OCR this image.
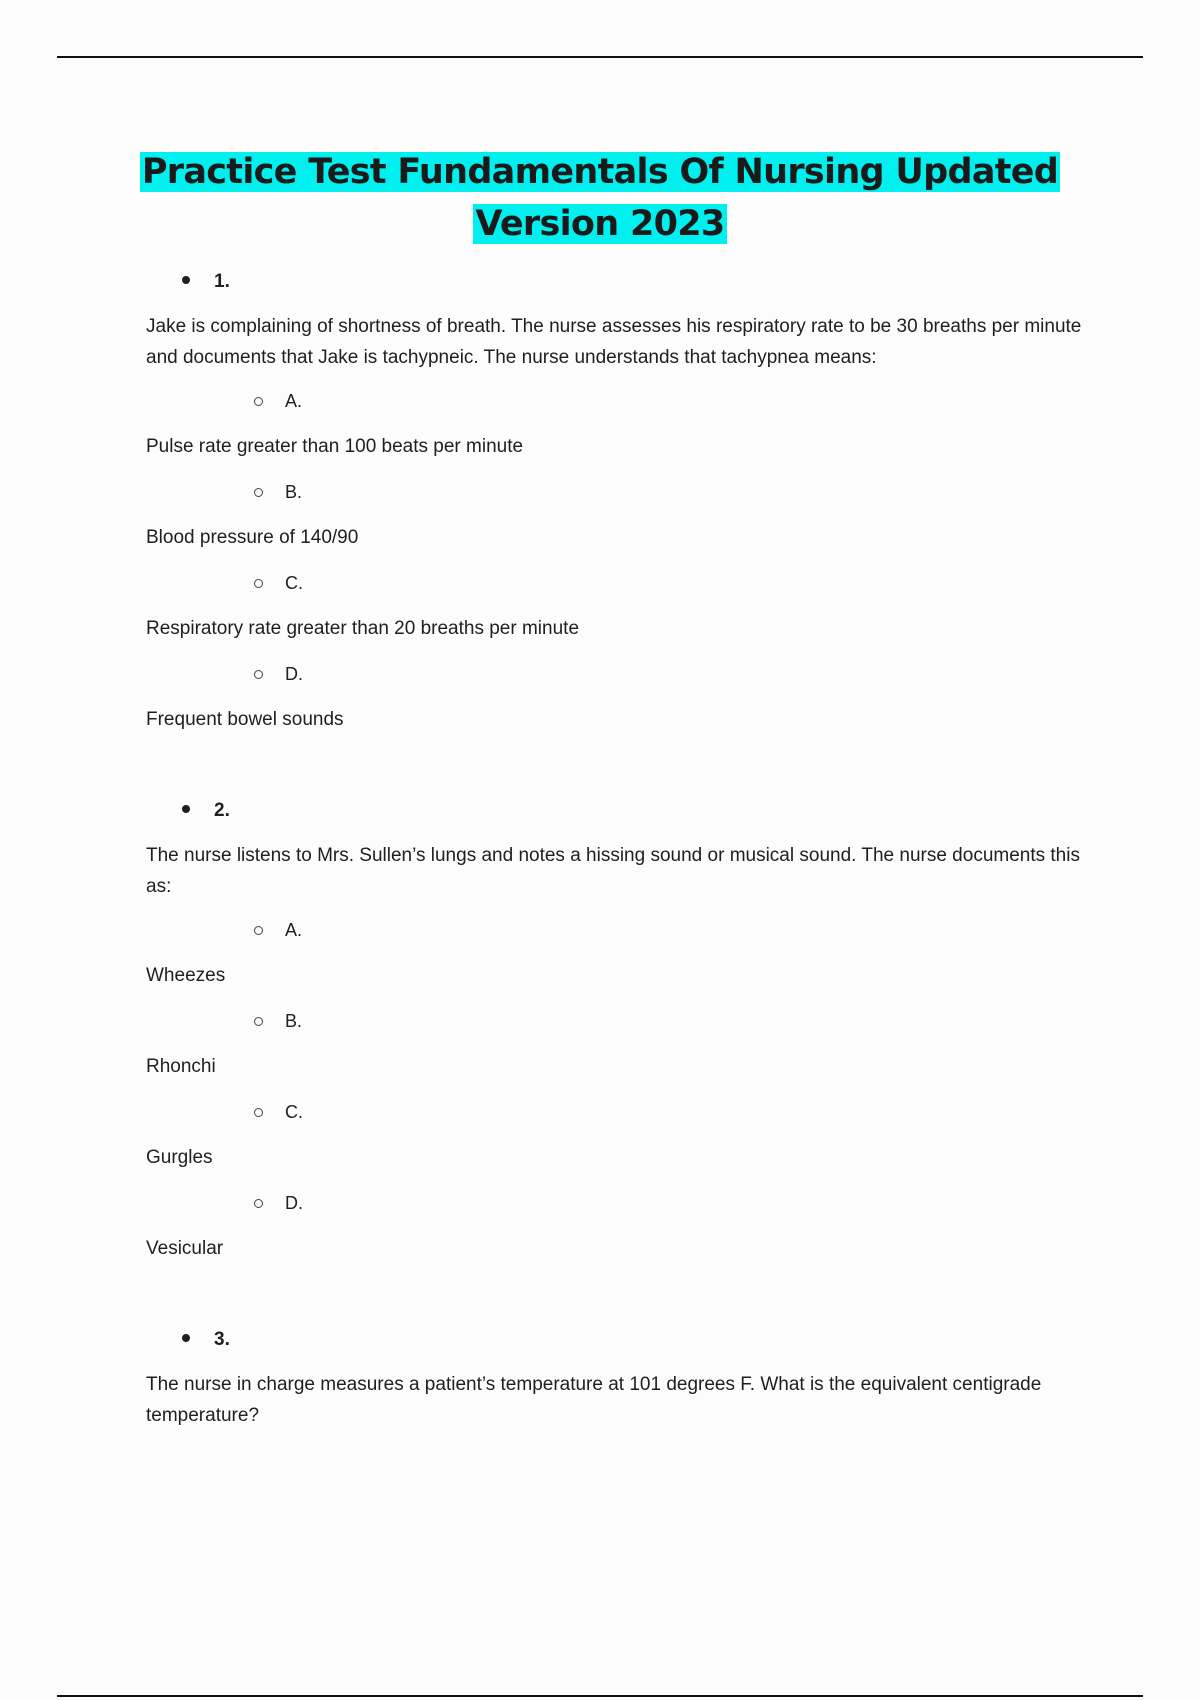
Practice Test Fundamentals Of Nursing Updated
Version 2023
1.
Jake is complaining of shortness of breath. The nurse assesses his respiratory rate to be 30 breaths per minute and documents that Jake is tachypneic. The nurse understands that tachypnea means:
A.
Pulse rate greater than 100 beats per minute
B.
Blood pressure of 140/90
C.
Respiratory rate greater than 20 breaths per minute
D.
Frequent bowel sounds
2.
The nurse listens to Mrs. Sullen’s lungs and notes a hissing sound or musical sound. The nurse documents this as:
A.
Wheezes
B.
Rhonchi
C.
Gurgles
D.
Vesicular
3.
The nurse in charge measures a patient’s temperature at 101 degrees F. What is the equivalent centigrade temperature?
